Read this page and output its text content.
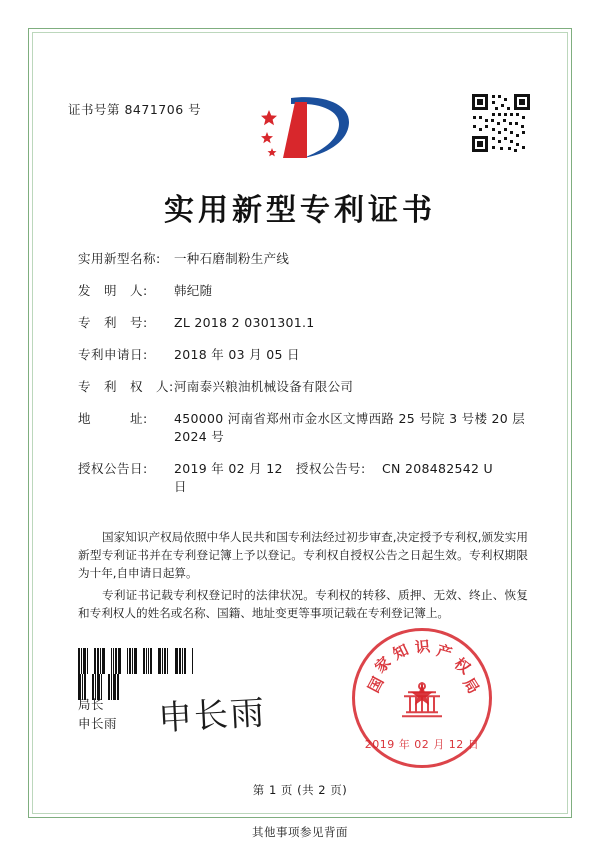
证书号第 8471706 号
实用新型专利证书
实用新型名称:	一种石磨制粉生产线
发　明　人:	韩纪随
专　利　号:	ZL 2018 2 0301301.1
专利申请日:	2018 年 03 月 05 日
专　利　权　人: 河南泰兴粮油机械设备有限公司
地　　　址:	450000 河南省郑州市金水区文博西路 25 号院 3 号楼 20 层 2024 号
授权公告日:	2019 年 02 月 12 日
授权公告号:	CN 208482542 U

国家知识产权局依照中华人民共和国专利法经过初步审查,决定授予专利权,颁发实用新型专利证书并在专利登记簿上予以登记。专利权自授权公告之日起生效。专利权期限为十年,自申请日起算。

专利证书记载专利权登记时的法律状况。专利权的转移、质押、无效、终止、恢复和专利权人的姓名或名称、国籍、地址变更等事项记载在专利登记簿上。

局长
申长雨 申长雨	★
2019 年 02 月 12 日
国
家
知 识 产
权
局
第 1 页 (共 2 页)
其他事项参见背面
